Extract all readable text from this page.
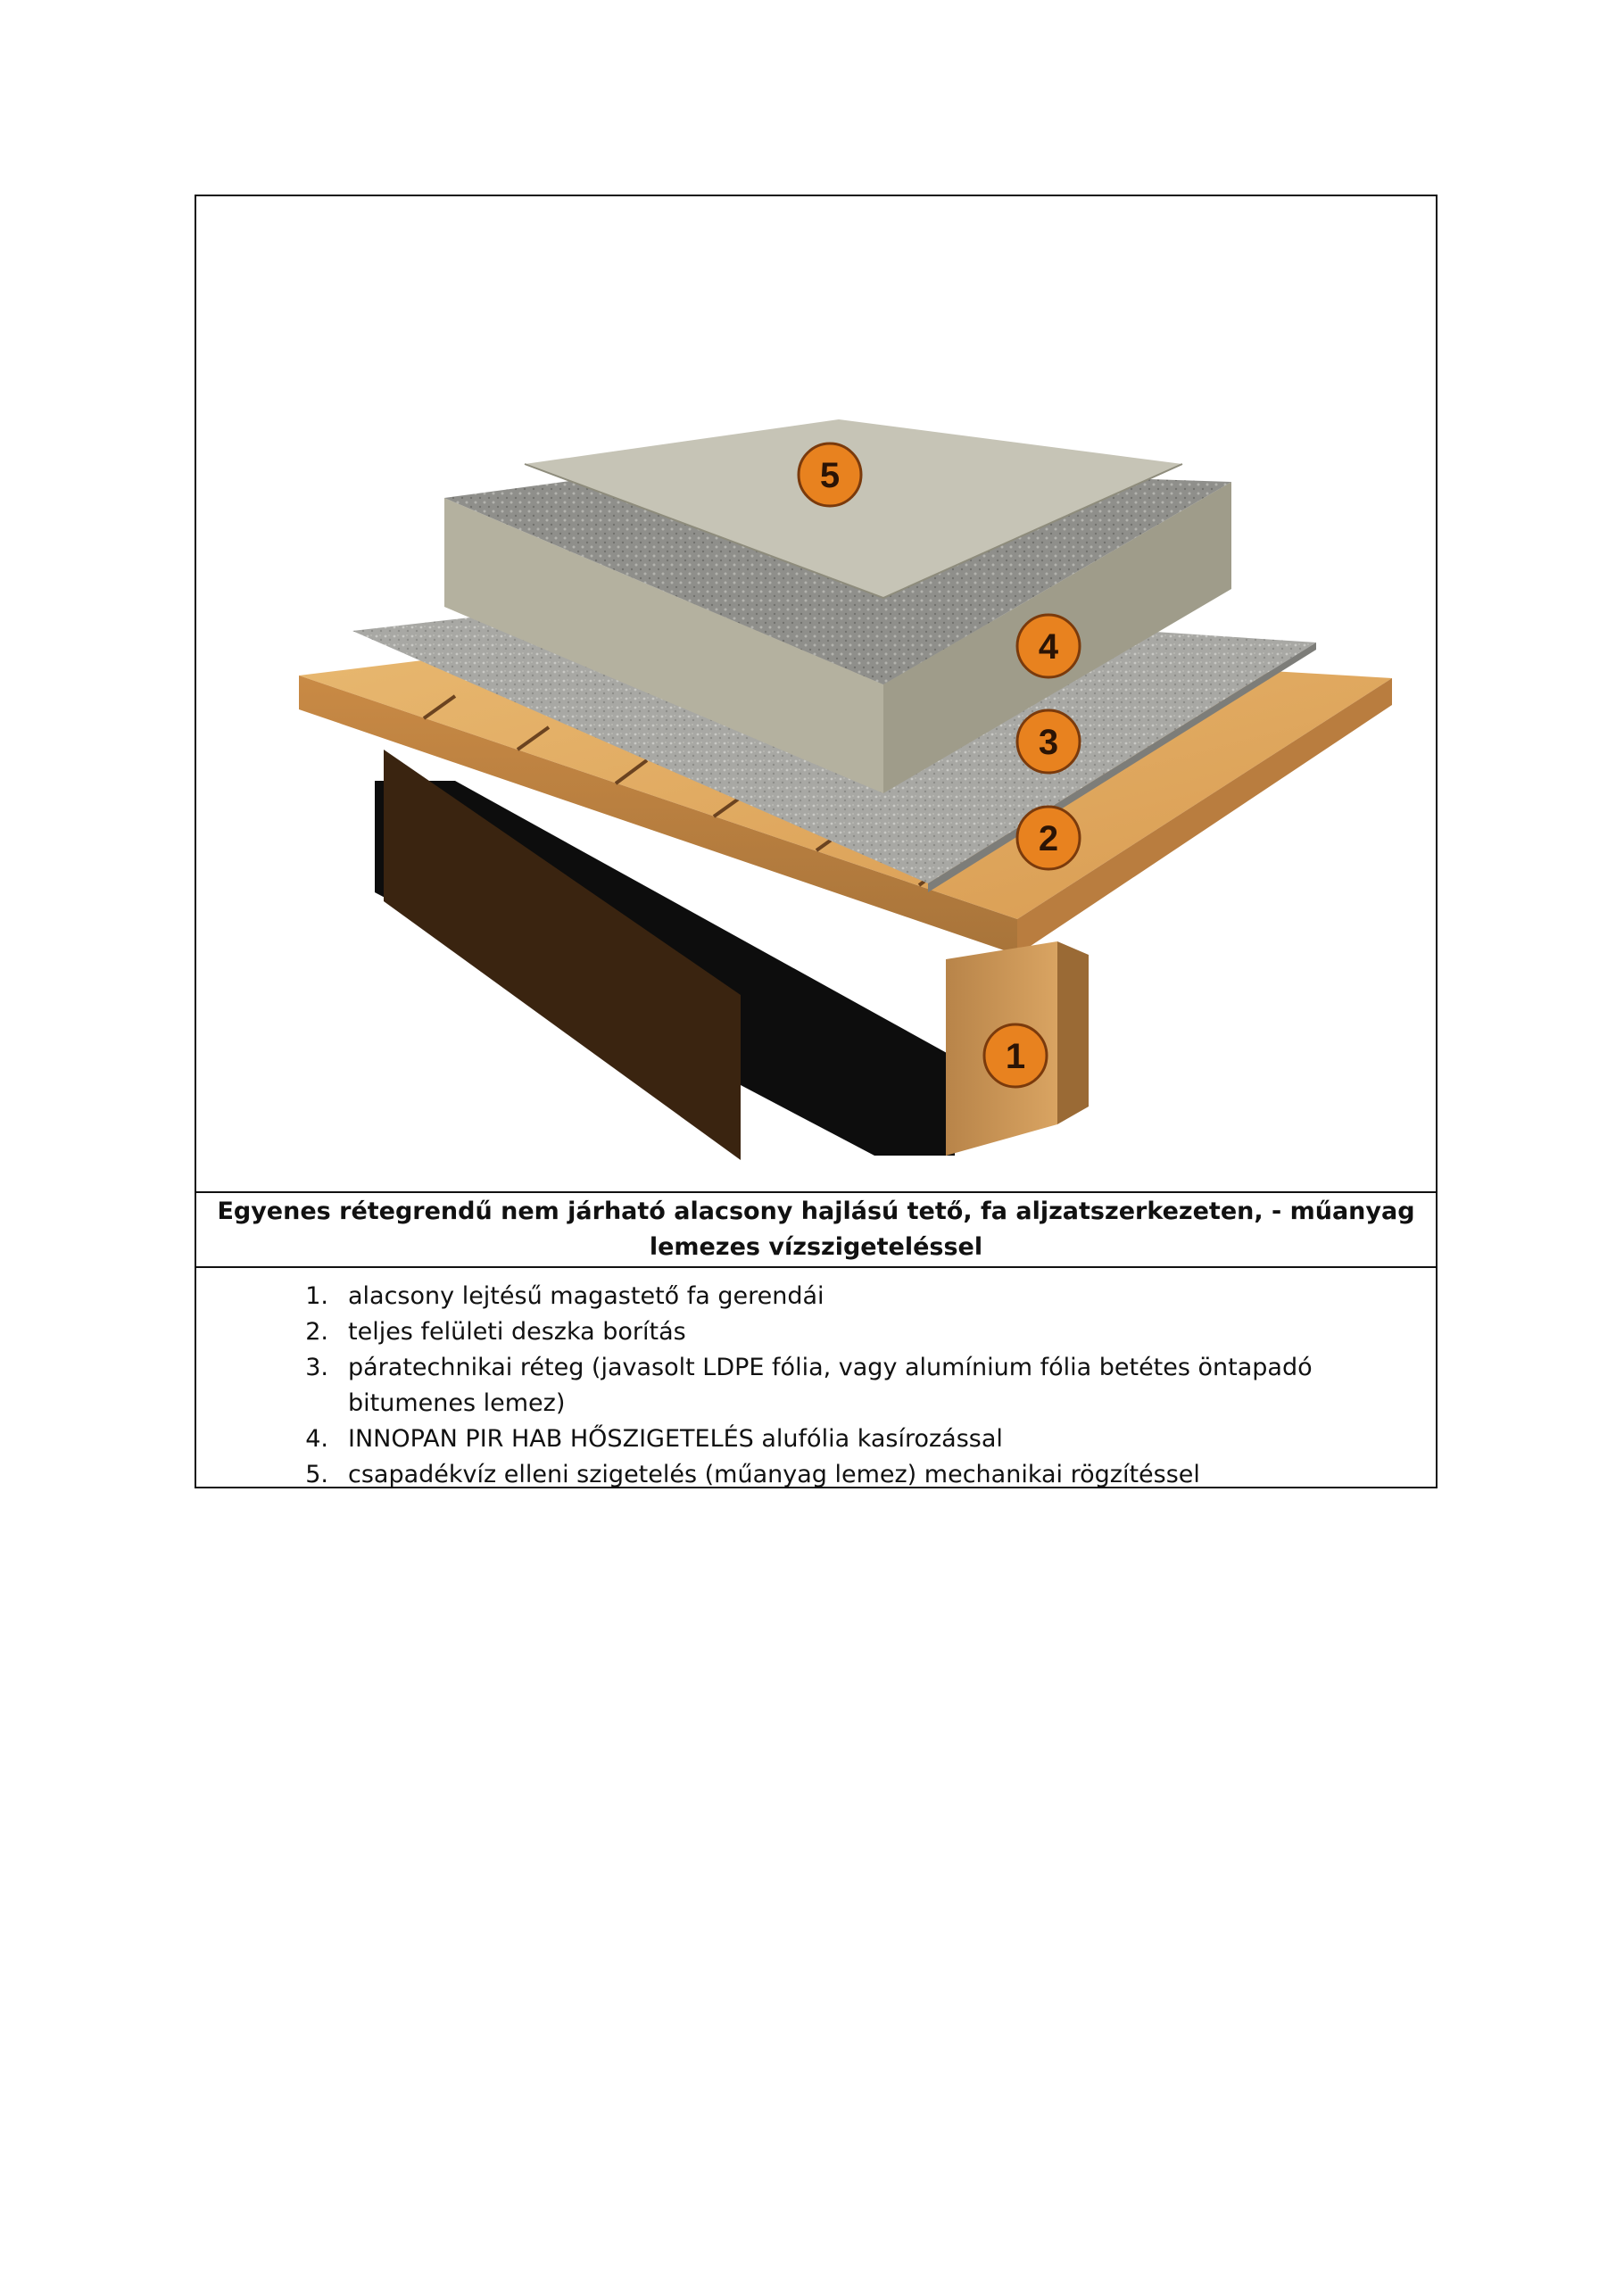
1
2
3
4
5
Egyenes rétegrendű nem járható alacsony hajlású tető, fa aljzatszerkezeten, - műanyag lemezes vízszigeteléssel
1. alacsony lejtésű magastető fa gerendái
2. teljes felületi deszka borítás
3. páratechnikai réteg (javasolt LDPE fólia, vagy alumínium fólia betétes öntapadó bitumenes lemez)
4. INNOPAN PIR HAB HŐSZIGETELÉS alufólia kasírozással
5. csapadékvíz elleni szigetelés (műanyag lemez) mechanikai rögzítéssel
